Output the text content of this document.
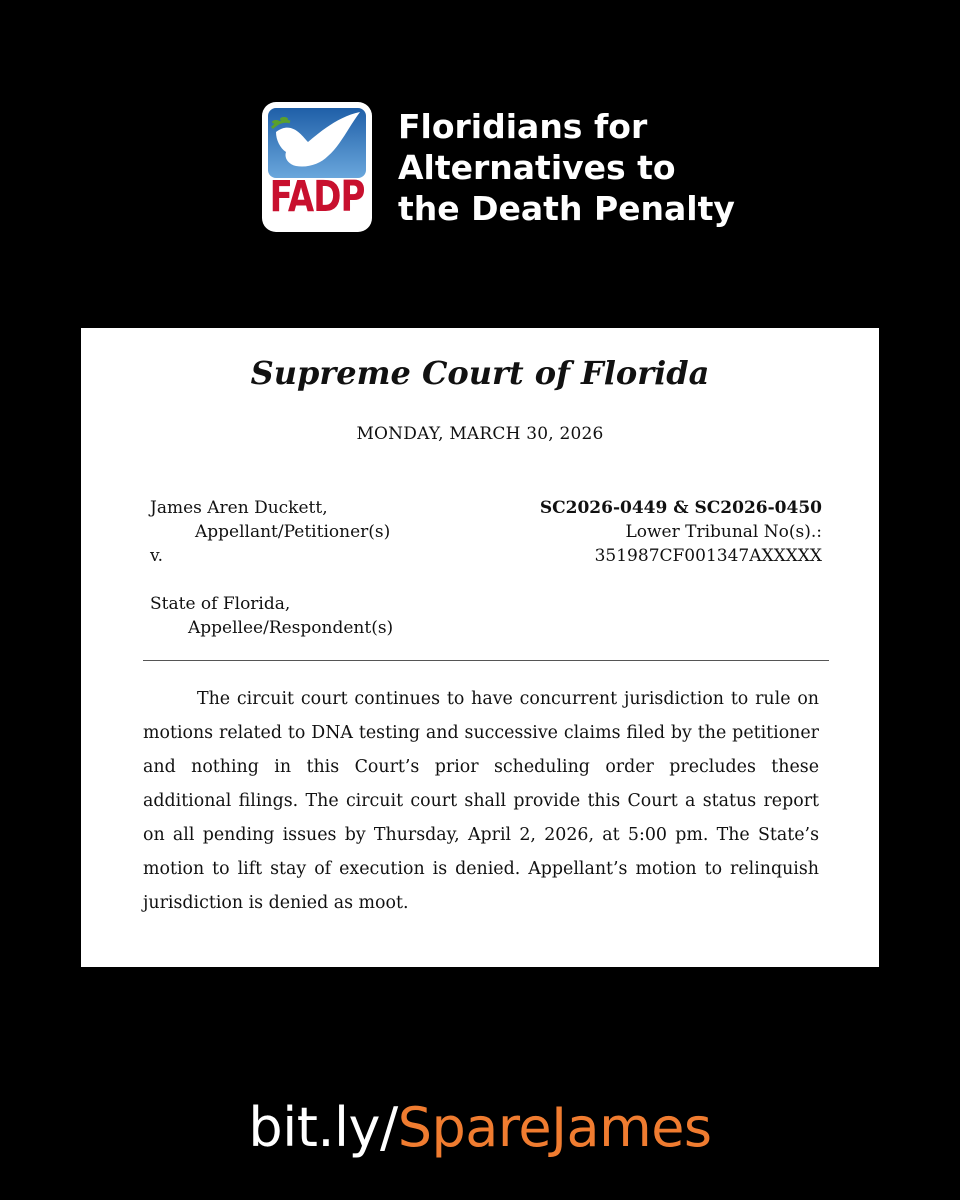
FADP
Floridians for
Alternatives to
the Death Penalty
Supreme Court of Florida
MONDAY, MARCH 30, 2026
James Aren Duckett,
Appellant/Petitioner(s)
v.
State of Florida,
Appellee/Respondent(s)
SC2026-0449 & SC2026-0450
Lower Tribunal No(s).:
351987CF001347AXXXXX
The circuit court continues to have concurrent jurisdiction to rule on motions related to DNA testing and successive claims filed by the petitioner and nothing in this Court’s prior scheduling order precludes these additional filings. The circuit court shall provide this Court a status report on all pending issues by Thursday, April 2, 2026, at 5:00 pm. The State’s motion to lift stay of execution is denied. Appellant’s motion to relinquish jurisdiction is denied as moot.
bit.ly/SpareJames
